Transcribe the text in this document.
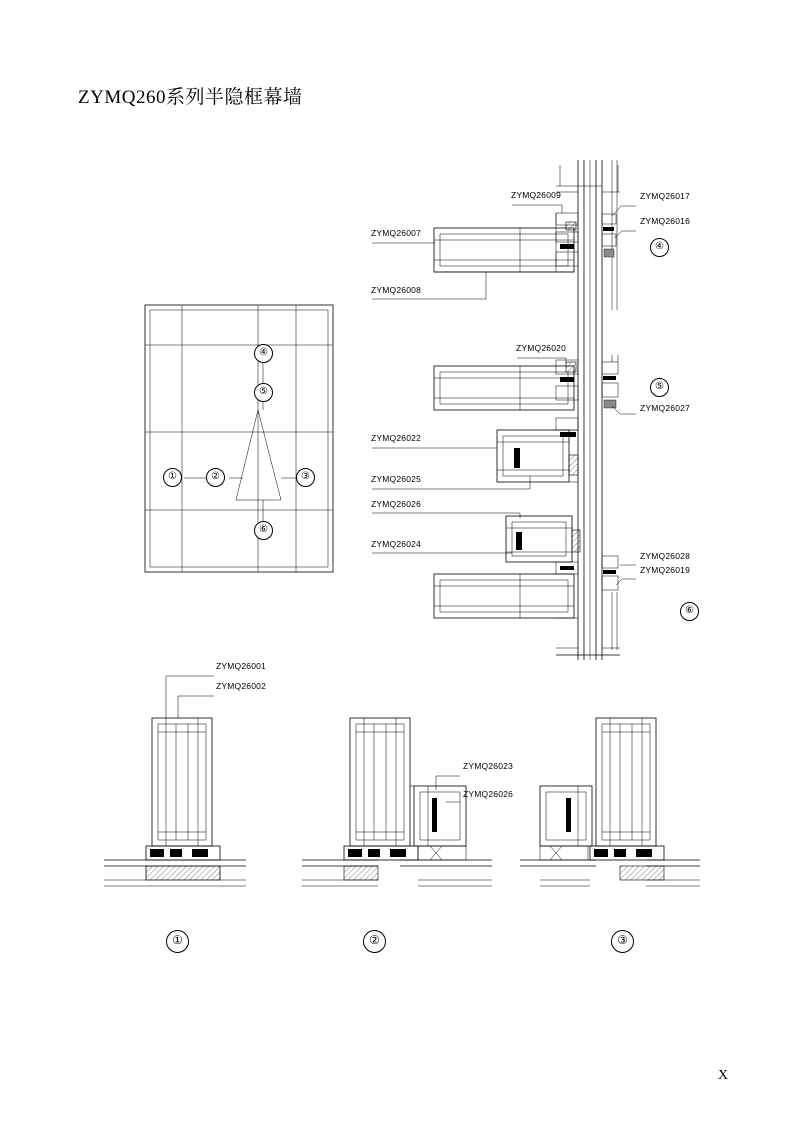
ZYMQ260系列半隐框幕墙
X
ZYMQ26009	ZYMQ26017
ZYMQ26016
ZYMQ26007
ZYMQ26008
ZYMQ26020
ZYMQ26027
ZYMQ26022
ZYMQ26025
ZYMQ26026
ZYMQ26024
ZYMQ26028
ZYMQ26019
ZYMQ26001
ZYMQ26002
ZYMQ26023
ZYMQ26026
④
⑤
①	②	③
⑥
④
⑤
⑥
①	②	③
